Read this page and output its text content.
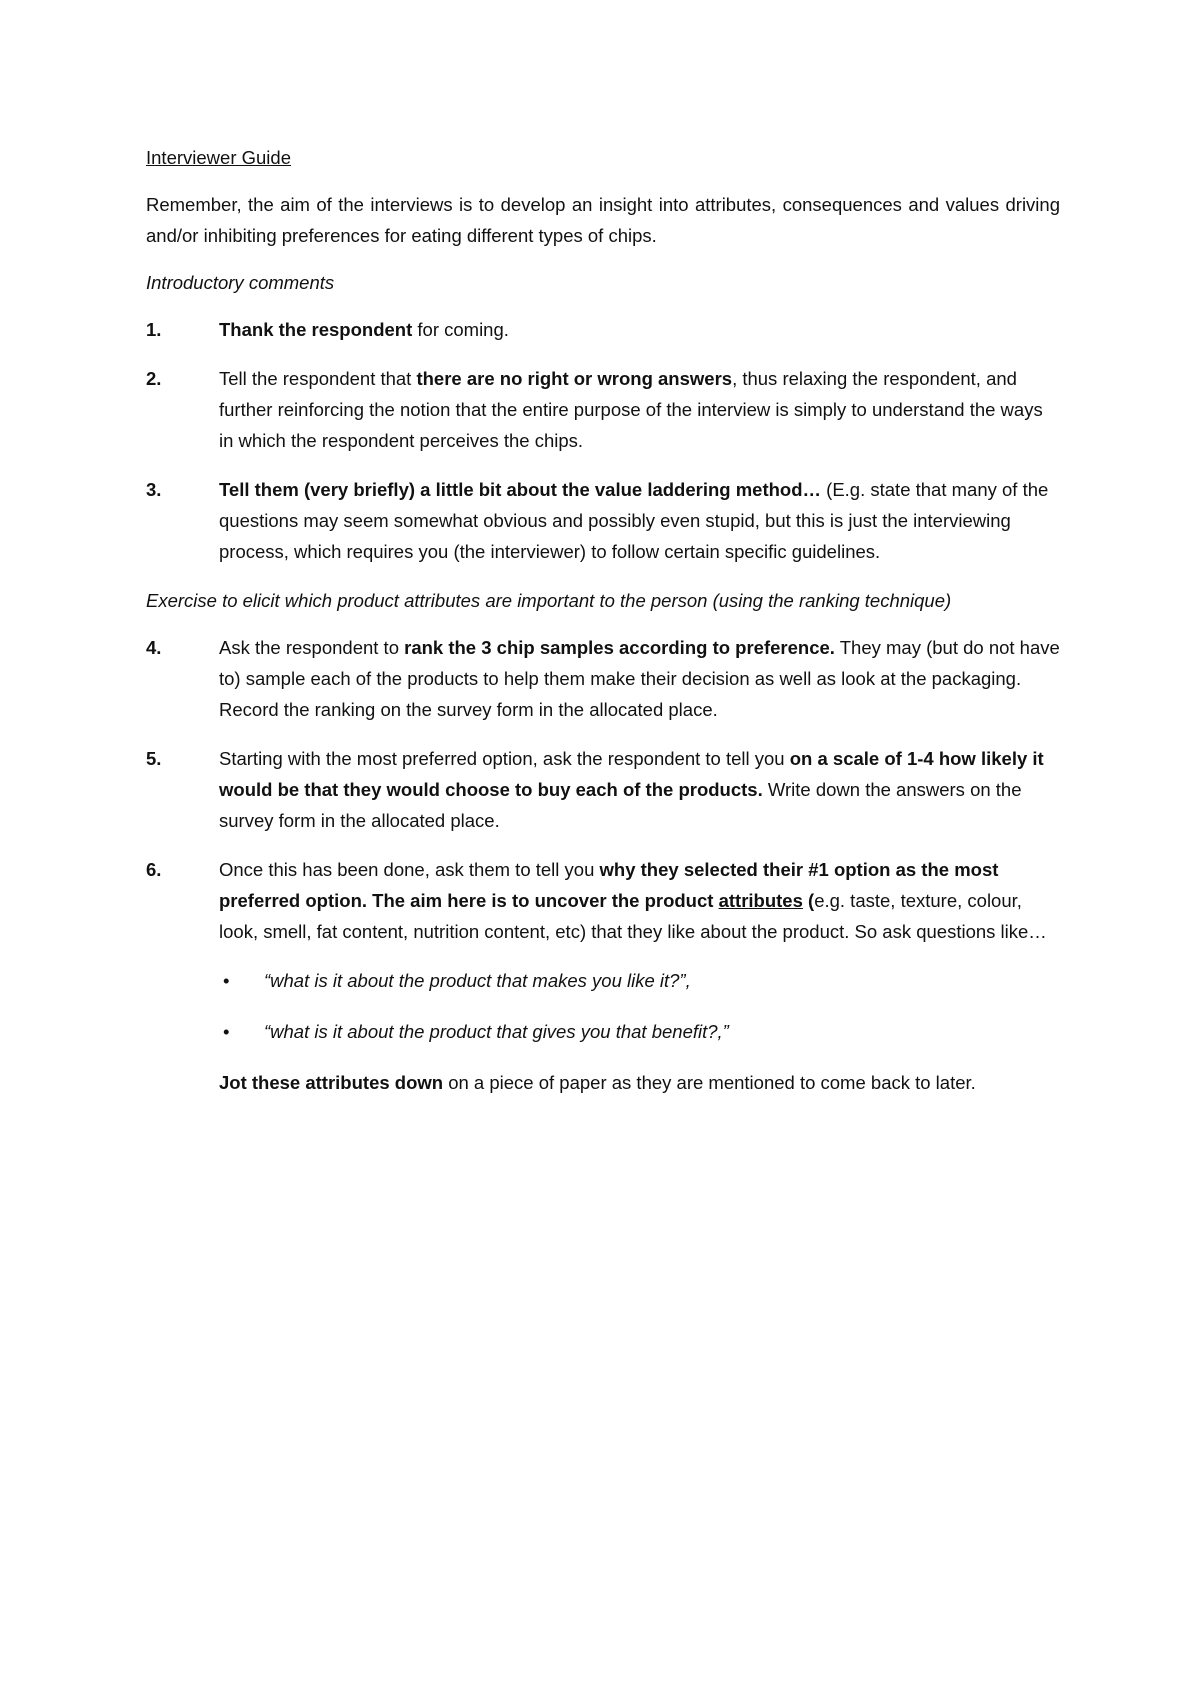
Interviewer Guide

Remember, the aim of the interviews is to develop an insight into attributes, consequences and values driving and/or inhibiting preferences for eating different types of chips.

Introductory comments

1.	Thank the respondent for coming.
2.	Tell the respondent that there are no right or wrong answers, thus relaxing the respondent, and further reinforcing the notion that the entire purpose of the interview is simply to understand the ways in which the respondent perceives the chips.
3.	Tell them (very briefly) a little bit about the value laddering method… (E.g. state that many of the questions may seem somewhat obvious and possibly even stupid, but this is just the interviewing process, which requires you (the interviewer) to follow certain specific guidelines.

Exercise to elicit which product attributes are important to the person (using the ranking technique)

4.	Ask the respondent to rank the 3 chip samples according to preference. They may (but do not have to) sample each of the products to help them make their decision as well as look at the packaging. Record the ranking on the survey form in the allocated place.
5.	Starting with the most preferred option, ask the respondent to tell you on a scale of 1-4 how likely it would be that they would choose to buy each of the products. Write down the answers on the survey form in the allocated place.
6.	Once this has been done, ask them to tell you why they selected their #1 option as the most preferred option. The aim here is to uncover the product attributes (e.g. taste, texture, colour, look, smell, fat content, nutrition content, etc) that they like about the product. So ask questions like…
•	“what is it about the product that makes you like it?”,
•	“what is it about the product that gives you that benefit?,”

Jot these attributes down on a piece of paper as they are mentioned to come back to later.
